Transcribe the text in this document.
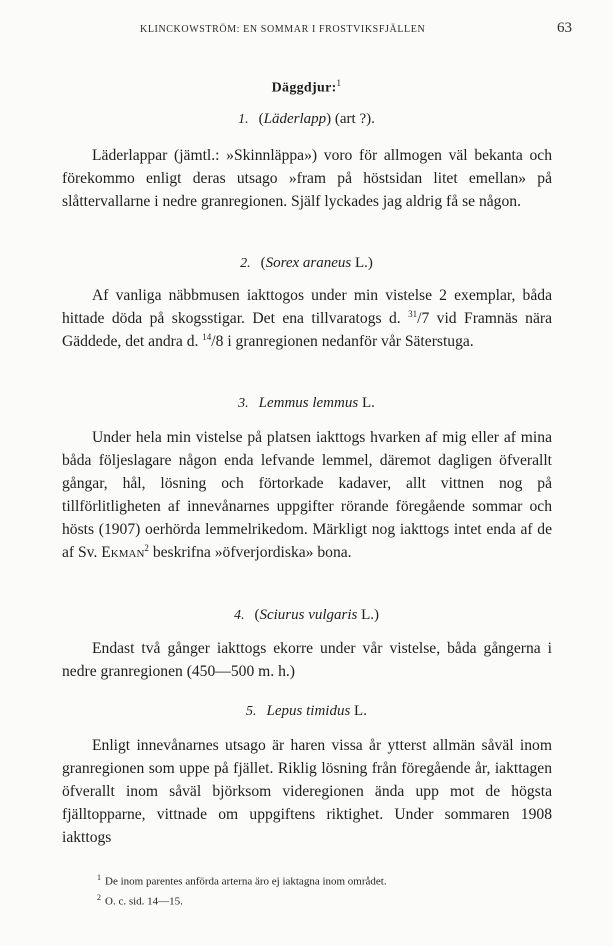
KLINCKOWSTRÖM: EN SOMMAR I FROSTVIKSFJÄLLEN	63
Däggdjur:$^1$
1. (Läderlapp) (art ?).

Läderlappar (jämtl.: »Skinnläppa») voro för allmogen väl bekanta och förekommo enligt deras utsago »fram på höstsidan litet emellan» på slåttervallarne i nedre granregionen. Själf lyckades jag aldrig få se någon.

2. (Sorex araneus L.)

Af vanliga näbbmusen iakttogos under min vistelse 2 exemplar, båda hittade döda på skogsstigar. Det ena tillvaratogs d. $^{31}$/7 vid Framnäs nära Gäddede, det andra d. $^{14}$/8 i granregionen nedanför vår Säterstuga.

3. Lemmus lemmus L.

Under hela min vistelse på platsen iakttogs hvarken af mig eller af mina båda följeslagare någon enda lefvande lemmel, däremot dagligen öfverallt gångar, hål, lösning och förtorkade kadaver, allt vittnen nog på tillförlitligheten af innevånarnes uppgifter rörande föregående sommar och hösts (1907) oerhörda lemmelrikedom. Märkligt nog iakttogs intet enda af de af Sv. Ekman$^2$ beskrifna »öfverjordiska» bona.

4. (Sciurus vulgaris L.)

Endast två gånger iakttogs ekorre under vår vistelse, båda gångerna i nedre granregionen (450—500 m. h.)

5. Lepus timidus L.

Enligt innevånarnes utsago är haren vissa år ytterst allmän såväl inom granregionen som uppe på fjället. Riklig lösning från föregående år, iakttagen öfverallt inom såväl björksom videregionen ända upp mot de högsta fjälltopparne, vittnade om uppgiftens riktighet. Under sommaren 1908 iakttogs

$^1$ De inom parentes anförda arterna äro ej iaktagna inom området.
$^2$ O. c. sid. 14—15.
